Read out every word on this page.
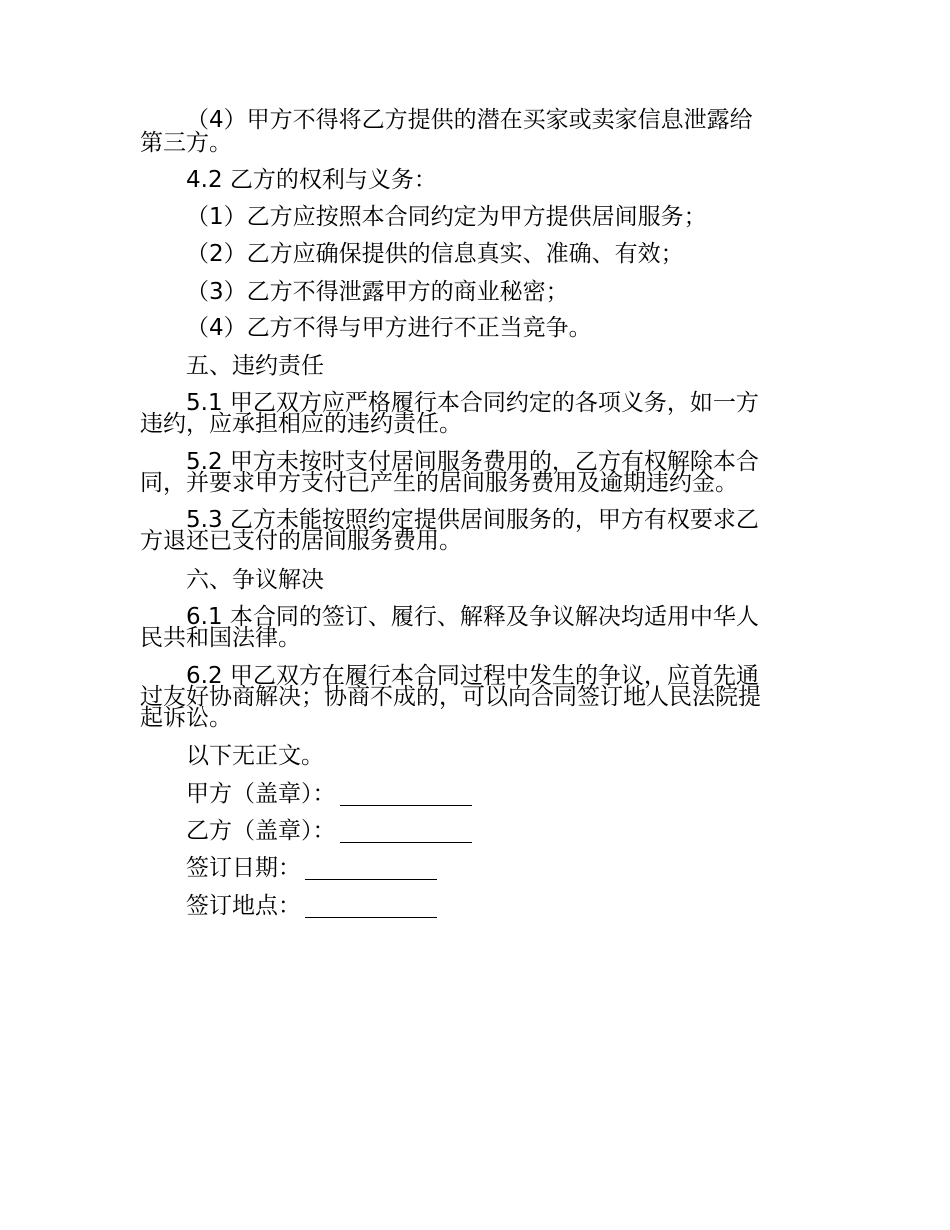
（4）甲方不得将乙方提供的潜在买家或卖家信息泄露给
第三方。
4.2 乙方的权利与义务：
（1）乙方应按照本合同约定为甲方提供居间服务；
（2）乙方应确保提供的信息真实、准确、有效；
（3）乙方不得泄露甲方的商业秘密；
（4）乙方不得与甲方进行不正当竞争。
五、违约责任
5.1 甲乙双方应严格履行本合同约定的各项义务，如一方
违约，应承担相应的违约责任。
5.2 甲方未按时支付居间服务费用的，乙方有权解除本合
同，并要求甲方支付已产生的居间服务费用及逾期违约金。
5.3 乙方未能按照约定提供居间服务的，甲方有权要求乙
方退还已支付的居间服务费用。
六、争议解决
6.1 本合同的签订、履行、解释及争议解决均适用中华人
民共和国法律。
6.2 甲乙双方在履行本合同过程中发生的争议，应首先通
过友好协商解决；协商不成的，可以向合同签订地人民法院提
起诉讼。
以下无正文。
甲方（盖章）：
乙方（盖章）：
签订日期：
签订地点：
